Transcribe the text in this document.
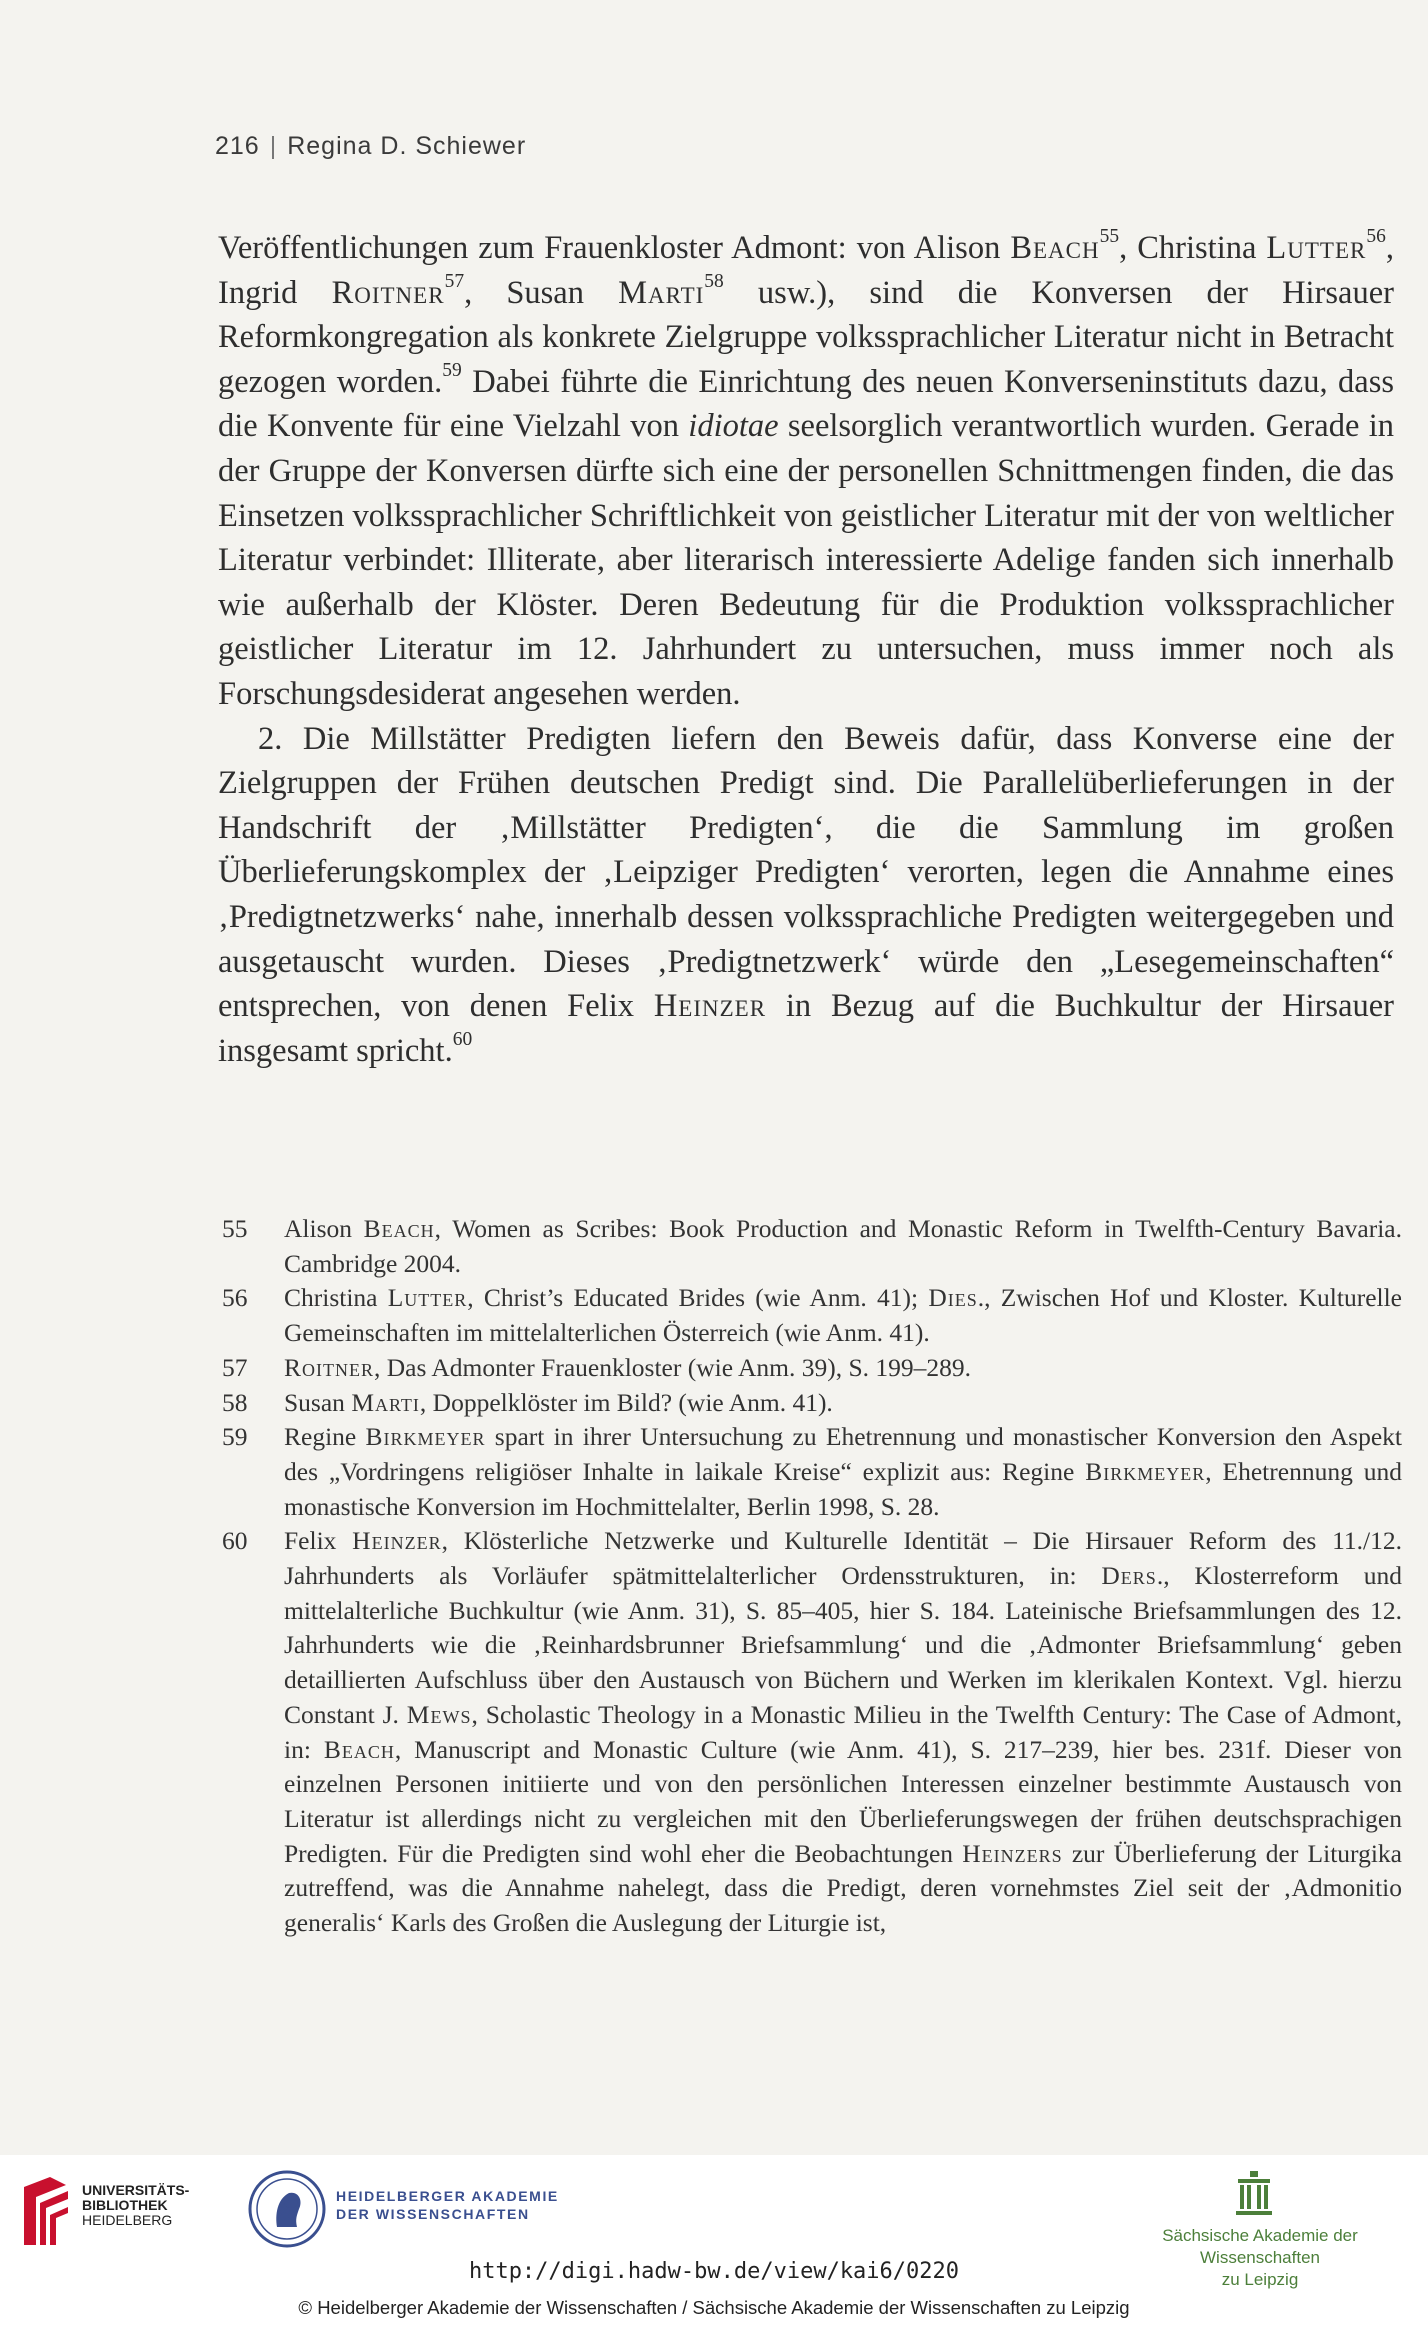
216 | Regina D. Schiewer

Veröffentlichungen zum Frauenkloster Admont: von Alison Beach$^{55}$, Christina Lutter$^{56}$, Ingrid Roitner$^{57}$, Susan Marti$^{58}$ usw.), sind die Konversen der Hirsauer Reformkongregation als konkrete Zielgruppe volkssprachlicher Literatur nicht in Betracht gezogen worden.$^{59}$ Dabei führte die Einrichtung des neuen Konverseninstituts dazu, dass die Konvente für eine Vielzahl von idiotae seelsorglich verantwortlich wurden. Gerade in der Gruppe der Konversen dürfte sich eine der personellen Schnittmengen finden, die das Einsetzen volkssprachlicher Schriftlichkeit von geistlicher Literatur mit der von weltlicher Literatur verbindet: Illiterate, aber literarisch interessierte Adelige fanden sich innerhalb wie außerhalb der Klöster. Deren Bedeutung für die Produktion volkssprachlicher geistlicher Literatur im 12. Jahrhundert zu untersuchen, muss immer noch als Forschungsdesiderat angesehen werden.

2. Die Millstätter Predigten liefern den Beweis dafür, dass Konverse eine der Zielgruppen der Frühen deutschen Predigt sind. Die Parallelüberlieferungen in der Handschrift der ‚Millstätter Predigten‘, die die Sammlung im großen Überlieferungskomplex der ‚Leipziger Predigten‘ verorten, legen die Annahme eines ‚Predigtnetzwerks‘ nahe, innerhalb dessen volkssprachliche Predigten weitergegeben und ausgetauscht wurden. Dieses ‚Predigtnetzwerk‘ würde den „Lesegemeinschaften“ entsprechen, von denen Felix Heinzer in Bezug auf die Buchkultur der Hirsauer insgesamt spricht.$^{60}$

55 Alison Beach, Women as Scribes: Book Production and Monastic Reform in Twelfth-Century Bavaria. Cambridge 2004.
56 Christina Lutter, Christ’s Educated Brides (wie Anm. 41); Dies., Zwischen Hof und Kloster. Kulturelle Gemeinschaften im mittelalterlichen Österreich (wie Anm. 41).
57 Roitner, Das Admonter Frauenkloster (wie Anm. 39), S. 199–289.
58 Susan Marti, Doppelklöster im Bild? (wie Anm. 41).
59 Regine Birkmeyer spart in ihrer Untersuchung zu Ehetrennung und monastischer Konversion den Aspekt des „Vordringens religiöser Inhalte in laikale Kreise“ explizit aus: Regine Birkmeyer, Ehetrennung und monastische Konversion im Hochmittelalter, Berlin 1998, S. 28.
60 Felix Heinzer, Klösterliche Netzwerke und Kulturelle Identität – Die Hirsauer Reform des 11./12. Jahrhunderts als Vorläufer spätmittelalterlicher Ordensstrukturen, in: Ders., Klosterreform und mittelalterliche Buchkultur (wie Anm. 31), S. 85–405, hier S. 184. Lateinische Briefsammlungen des 12. Jahrhunderts wie die ‚Reinhardsbrunner Briefsammlung‘ und die ‚Admonter Briefsammlung‘ geben detaillierten Aufschluss über den Austausch von Büchern und Werken im klerikalen Kontext. Vgl. hierzu Constant J. Mews, Scholastic Theology in a Monastic Milieu in the Twelfth Century: The Case of Admont, in: Beach, Manuscript and Monastic Culture (wie Anm. 41), S. 217–239, hier bes. 231f. Dieser von einzelnen Personen initiierte und von den persönlichen Interessen einzelner bestimmte Austausch von Literatur ist allerdings nicht zu vergleichen mit den Überlieferungswegen der frühen deutschsprachigen Predigten. Für die Predigten sind wohl eher die Beobachtungen Heinzers zur Überlieferung der Liturgika zutreffend, was die Annahme nahelegt, dass die Predigt, deren vornehmstes Ziel seit der ‚Admonitio generalis‘ Karls des Großen die Auslegung der Liturgie ist,
UNIVERSITÄTS-
BIBLIOTHEK
HEIDELBERG
HEIDELBERGER AKADEMIE
DER WISSENSCHAFTEN
Sächsische Akademie der Wissenschaften
zu Leipzig
http://digi.hadw-bw.de/view/kai6/0220
© Heidelberger Akademie der Wissenschaften / Sächsische Akademie der Wissenschaften zu Leipzig
